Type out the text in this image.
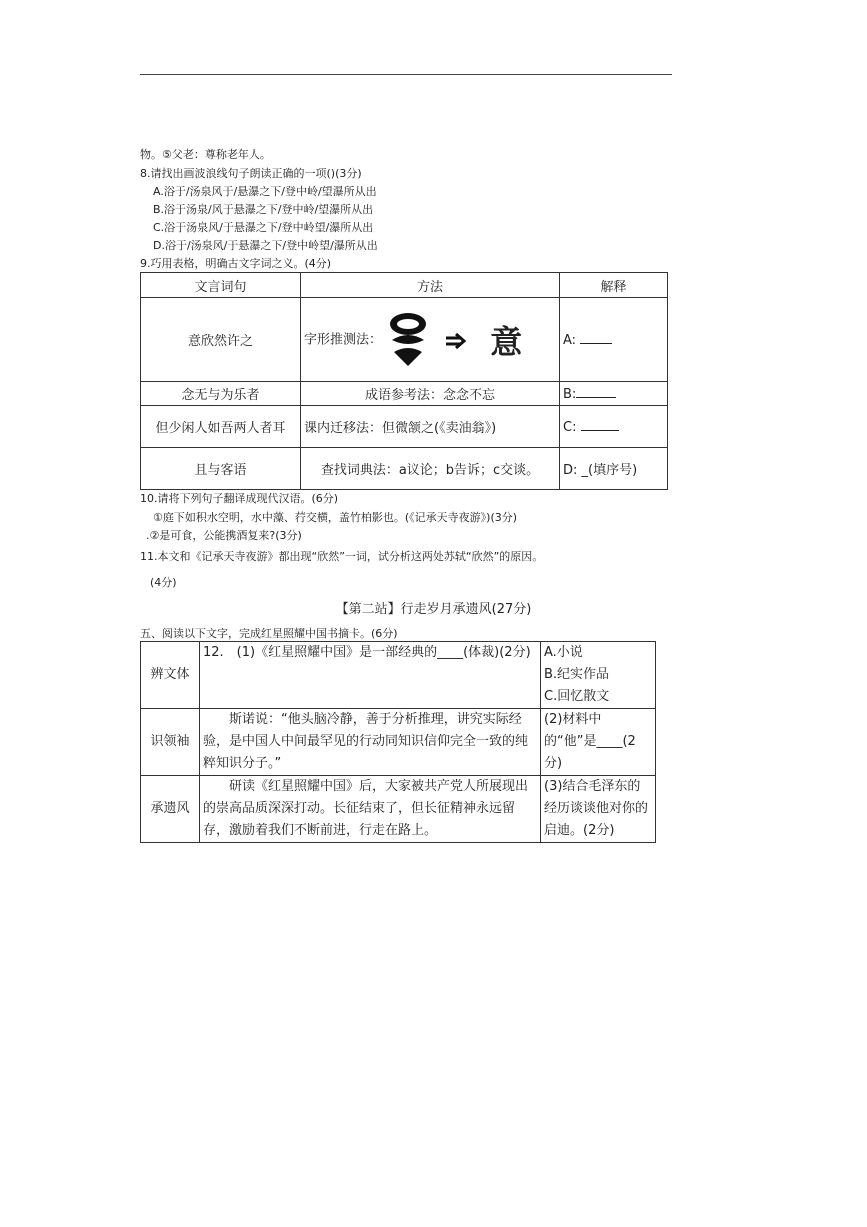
物。⑤父老：尊称老年人。
8.请找出画波浪线句子朗读正确的一项()(3分)
A.浴于/汤泉风于/悬瀑之下/登中岭/望瀑所从出
B.浴于汤泉/风于悬瀑之下/登中岭/望瀑所从出
C.浴于汤泉风/于悬瀑之下/登中岭望/瀑所从出
D.浴于/汤泉风/于悬瀑之下/登中岭望/瀑所从出
9.巧用表格，明确古文字词之义。(4分)
文言词句	方法	解释
意欣然许之	字形推测法： 意	A:
念无与为乐者	成语参考法：念念不忘	B:
但少闲人如吾两人者耳	课内迁移法：但微颔之(《卖油翁》)	C:
且与客语	查找词典法：a议论；b告诉；c交谈。	D: _(填序号)
10.请将下列句子翻译成现代汉语。(6分)
①庭下如积水空明，水中藻、荇交横，盖竹柏影也。(《记承天寺夜游》)(3分)
.②是可食，公能携酒复来?(3分)
11.本文和《记承天寺夜游》都出现“欣然”一词，试分析这两处苏轼“欣然”的原因。
(4分)
【第二站】行走岁月承遗风(27分)
五、阅读以下文字，完成红星照耀中国书摘卡。(6分)
辨文体	12.　(1)《红星照耀中国》是一部经典的____(体裁)(2分)	A.小说
B.纪实作品
C.回忆散文

识领袖	　　斯诺说：“他头脑冷静，善于分析推理，讲究实际经验，是中国人中间最罕见的行动同知识信仰完全一致的纯粹知识分子。”	(2)材料中的“他”是____(2分)
承遗风	　　研读《红星照耀中国》后，大家被共产党人所展现出的崇高品质深深打动。长征结束了，但长征精神永远留存，激励着我们不断前进，行走在路上。	(3)结合毛泽东的经历谈谈他对你的启迪。(2分)
